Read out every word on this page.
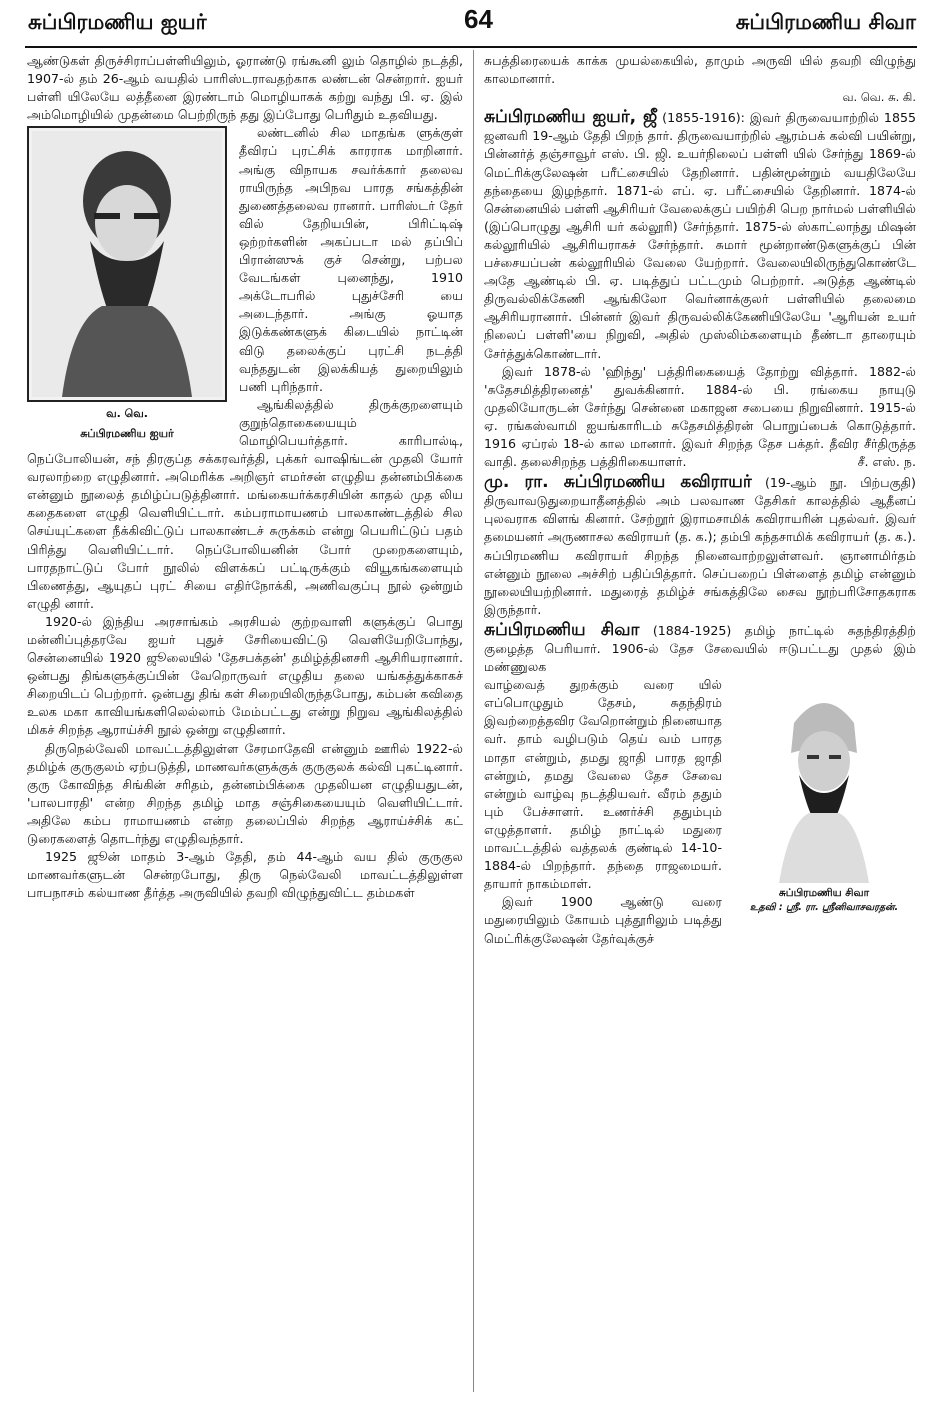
சுப்பிரமணிய ஐயர்	64	சுப்பிரமணிய சிவா

ஆண்டுகள் திருச்சிராப்பள்ளியிலும், ஓராண்டு ரங்கூனி லும் தொழில் நடத்தி, 1907-ல் தம் 26-ஆம் வயதில் பாரிஸ்டராவதற்காக லண்டன் சென்றார். ஐயர் பள்ளி யிலேயே லத்தீனை இரண்டாம் மொழியாகக் கற்று வந்து பி. ஏ. இல் அம்மொழியில் முதன்மை பெற்றிருந் தது இப்போது பெரிதும் உதவியது.

வ. வெ.
சுப்பிரமணிய ஐயர்

லண்டனில் சில மாதங்க ளுக்குள் தீவிரப் புரட்சிக் காரராக மாறினார். அங்கு விநாயக சவர்க்கார் தலைவ ராயிருந்த அபிநவ பாரத சங்கத்தின் துணைத்தலைவ ரானார். பாரிஸ்டர் தேர் வில் தேறியபின், பிரிட்டிஷ் ஒற்றர்களின் அகப்படா மல் தப்பிப் பிரான்ஸுக் குச் சென்று, பற்பல வேடங்கள் புனைந்து, 1910 அக்டோபரில் புதுச்சேரி யை அடைந்தார். அங்கு ஓயாத இடுக்கண்களுக் கிடையில் நாட்டின் விடு தலைக்குப் புரட்சி நடத்தி வந்ததுடன் இலக்கியத் துறையிலும் பணி புரிந்தார்.

ஆங்கிலத்தில் திருக்குறளையும் குறுந்தொகையையும் மொழிபெயர்த்தார். காரிபால்டி, நெப்போலியன், சந் திரகுப்த சக்கரவர்த்தி, புக்கர் வாஷிங்டன் முதலி யோர் வரலாற்றை எழுதினார். அமெரிக்க அறிஞர் எமர்சன் எழுதிய தன்னம்பிக்கை என்னும் நூலைத் தமிழ்ப்படுத்தினார். மங்கையர்க்கரசியின் காதல் முத லிய கதைகளை எழுதி வெளியிட்டார். கம்பராமாயணம் பாலகாண்டத்தில் சில செய்யுட்களை நீக்கிவிட்டுப் பாலகாண்டச் சுருக்கம் என்று பெயரிட்டுப் பதம் பிரித்து வெளியிட்டார். நெப்போலியனின் போர் முறைகளையும், பாரதநாட்டுப் போர் நூலில் விளக்கப் பட்டிருக்கும் வியூகங்களையும் பிணைத்து, ஆயுதப் புரட் சியை எதிர்நோக்கி, அணிவகுப்பு நூல் ஒன்றும் எழுதி னார்.

1920-ல் இந்திய அரசாங்கம் அரசியல் குற்றவாளி களுக்குப் பொது மன்னிப்புத்தரவே ஐயர் புதுச் சேரியைவிட்டு வெளியேறிபோந்து, சென்னையில் 1920 ஜூலையில் 'தேசபக்தன்' தமிழ்த்தினசரி ஆசிரியரானார். ஒன்பது திங்களுக்குப்பின் வேறொருவர் எழுதிய தலை யங்கத்துக்காகச் சிறையிடப் பெற்றார். ஒன்பது திங் கள் சிறையிலிருந்தபோது, கம்பன் கவிதை உலக மகா காவியங்களிலெல்லாம் மேம்பட்டது என்று நிறுவ ஆங்கிலத்தில் மிகச் சிறந்த ஆராய்ச்சி நூல் ஒன்று எழுதினார்.

திருநெல்வேலி மாவட்டத்திலுள்ள சேரமாதேவி என்னும் ஊரில் 1922-ல் தமிழ்க் குருகுலம் ஏற்படுத்தி, மாணவர்களுக்குக் குருகுலக் கல்வி புகட்டினார். குரு கோவிந்த சிங்கின் சரிதம், தன்னம்பிக்கை முதலியன எழுதியதுடன், 'பாலபாரதி' என்ற சிறந்த தமிழ் மாத சஞ்சிகையையும் வெளியிட்டார். அதிலே கம்ப ராமாயணம் என்ற தலைப்பில் சிறந்த ஆராய்ச்சிக் கட் டுரைகளைத் தொடர்ந்து எழுதிவந்தார்.

1925 ஜூன் மாதம் 3-ஆம் தேதி, தம் 44-ஆம் வய தில் குருகுல மாணவர்களுடன் சென்றபோது, திரு நெல்வேலி மாவட்டத்திலுள்ள பாபநாசம் கல்யாண தீர்த்த அருவியில் தவறி விழுந்துவிட்ட தம்மகள்

சுபத்திரையைக் காக்க முயல்கையில், தாமும் அருவி யில் தவறி விழுந்து காலமானார்.
வ. வெ. சு. கி.

சுப்பிரமணிய ஐயர், ஜீ (1855-1916): இவர் திருவையாற்றில் 1855 ஜனவரி 19-ஆம் தேதி பிறந் தார். திருவையாற்றில் ஆரம்பக் கல்வி பயின்று, பின்னர்த் தஞ்சாவூர் எஸ். பி. ஜி. உயர்நிலைப் பள்ளி யில் சேர்ந்து 1869-ல் மெட்ரிக்குலேஷன் பரீட்சையில் தேறினார். பதின்மூன்றும் வயதிலேயே தந்தையை இழந்தார். 1871-ல் எப். ஏ. பரீட்சையில் தேறினார். 1874-ல் சென்னையில் பள்ளி ஆசிரியர் வேலைக்குப் பயிற்சி பெற நார்மல் பள்ளியில் (இப்பொழுது ஆசிரி யர் கல்லூரி) சேர்ந்தார். 1875-ல் ஸ்காட்லாந்து மிஷன் கல்லூரியில் ஆசிரியராகச் சேர்ந்தார். சுமார் மூன்றாண்டுகளுக்குப் பின் பச்சையப்பன் கல்லூரியில் வேலை யேற்றார். வேலையிலிருந்துகொண்டே அதே ஆண்டில் பி. ஏ. படித்துப் பட்டமும் பெற்றார். அடுத்த ஆண்டில் திருவல்லிக்கேணி ஆங்கிலோ வெர்னாக்குலர் பள்ளியில் தலைமை ஆசிரியரானார். பின்னர் இவர் திருவல்லிக்கேணியிலேயே 'ஆரியன் உயர் நிலைப் பள்ளி'யை நிறுவி, அதில் முஸ்லிம்களையும் தீண்டா தாரையும் சேர்த்துக்கொண்டார்.

இவர் 1878-ல் 'ஹிந்து' பத்திரிகையைத் தோற்று வித்தார். 1882-ல் 'சுதேசமித்திரனைத்' துவக்கினார். 1884-ல் பி. ரங்கைய நாயுடு முதலியோருடன் சேர்ந்து சென்னை மகாஜன சபையை நிறுவினார். 1915-ல் ஏ. ரங்கஸ்வாமி ஐயங்காரிடம் சுதேசமித்திரன் பொறுப்பைக் கொடுத்தார். 1916 ஏப்ரல் 18-ல் கால மானார். இவர் சிறந்த தேச பக்தர். தீவிர சீர்திருத்த வாதி. தலைசிறந்த பத்திரிகையாளர்.	சீ. எஸ். ந.

மு. ரா. சுப்பிரமணிய கவிராயர் (19-ஆம் நூ. பிற்பகுதி) திருவாவடுதுறையாதீனத்தில் அம் பலவாண தேசிகர் காலத்தில் ஆதீனப் புலவராக விளங் கினார். சேற்றூர் இராமசாமிக் கவிராயரின் புதல்வர். இவர் தமையனர் அருணாசல கவிராயர் (த. க.); தம்பி கந்தசாமிக் கவிராயர் (த. க.). சுப்பிரமணிய கவிராயர் சிறந்த நினைவாற்றலுள்ளவர். ஞானாமிர்தம் என்னும் நூலை அச்சிற் பதிப்பித்தார். செப்பறைப் பிள்ளைத் தமிழ் என்னும் நூலையியற்றினார். மதுரைத் தமிழ்ச் சங்கத்திலே சைவ நூற்பரிசோதகராக இருந்தார்.

சுப்பிரமணிய சிவா (1884-1925) தமிழ் நாட்டில் சுதந்திரத்திற் குழைத்த பெரியார். 1906-ல் தேச சேவையில் ஈடுபட்டது முதல் இம் மண்ணுலக

சுப்பிரமணிய சிவா
உதவி : ஸ்ரீ. ரா. ஸ்ரீனிவாசவரதன்.

வாழ்வைத் துறக்கும் வரை யில் எப்பொழுதும் தேசம், சுதந்திரம் இவற்றைத்தவிர வேறொன்றும் நினையாத வர். தாம் வழிபடும் தெய் வம் பாரத மாதா என்றும், தமது ஜாதி பாரத ஜாதி என்றும், தமது வேலை தேச சேவை என்றும் வாழ்வு நடத்தியவர். வீரம் ததும் பும் பேச்சாளர். உணர்ச்சி ததும்பும் எழுத்தாளர். தமிழ் நாட்டில் மதுரை மாவட்டத்தில் வத்தலக் குண்டில் 14-10-1884-ல் பிறந்தார். தந்தை ராஜமையர். தாயார் நாகம்மாள்.

இவர் 1900 ஆண்டு வரை மதுரையிலும் கோயம் புத்தூரிலும் படித்து மெட்ரிக்குலேஷன் தேர்வுக்குச்
